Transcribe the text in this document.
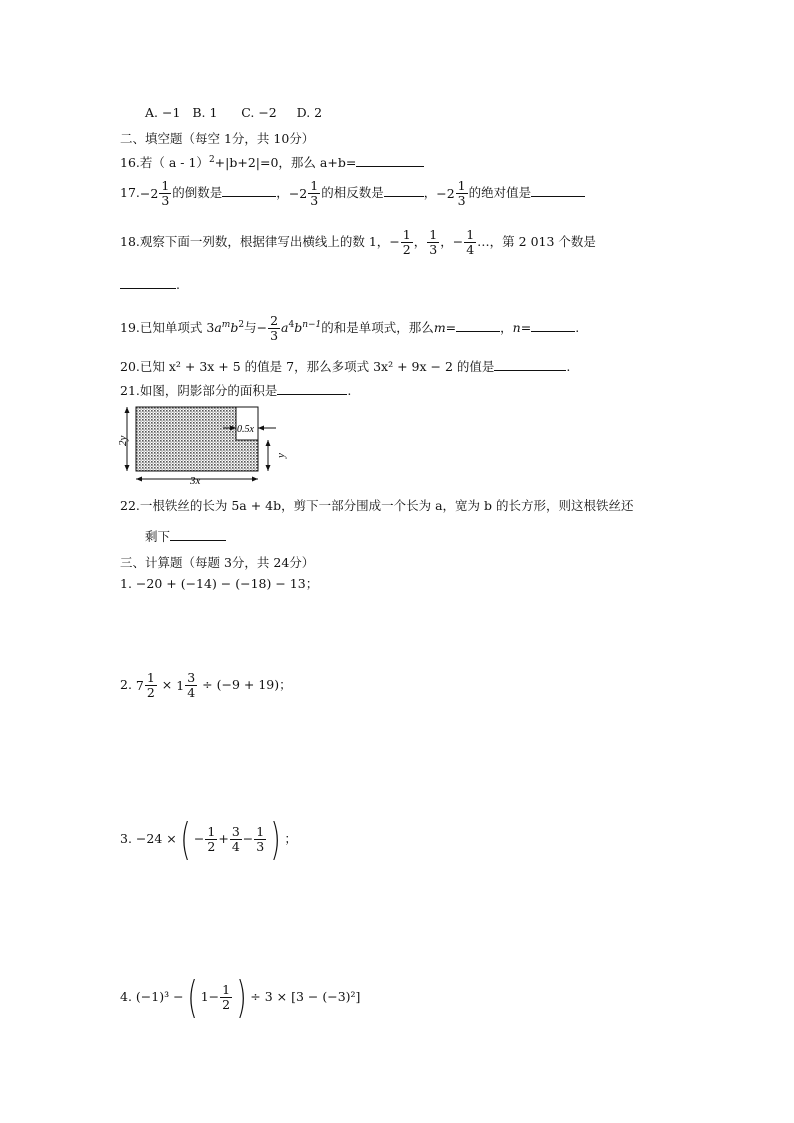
A. −1 B. 1 C. −2 D. 2
二、填空题（每空 1分，共 10分）
16.若（ a - 1）$^2$+|b+2|=0，那么 a+b=
17. $-2 \frac{1}{3}$ 的倒数是	， $-2 \frac{1}{3}$ 的相反数是	， $-2 \frac{1}{3}$ 的绝对值是
18.观察下面一列数，根据律写出横线上的数 1，− $\frac{1}{2}$ ， $\frac{1}{3}$ ，− $\frac{1}{4}$ …，第 2 013 个数是
.
19.已知单项式 $3a^mb^2$与− $\frac{2}{3} a^4b^{n-1}$的和是单项式，那么m=	，n=	.
20.已知 x² + 3x + 5 的值是 7，那么多项式 3x² + 9x − 2 的值是	.
21.如图，阴影部分的面积是	.
2y
3x
0.5x
y
22.一根铁丝的长为 5a + 4b，剪下一部分围成一个长为 a，宽为 b 的长方形，则这根铁丝还
剩下
三、计算题（每题 3分，共 24分）
1. −20 + (−14) − (−18) − 13；
2. $7 \frac{1}{2} \times 1 \frac{3}{4} \div (-9 + 19)$；
3. −24 ×( − $\frac{1}{2} + \frac{3}{4} - \frac{1}{3}$ ) ；
4. (−1)³ −( $1- \frac{1}{2}$ ) ÷ 3 × [3 − (−3)²]
